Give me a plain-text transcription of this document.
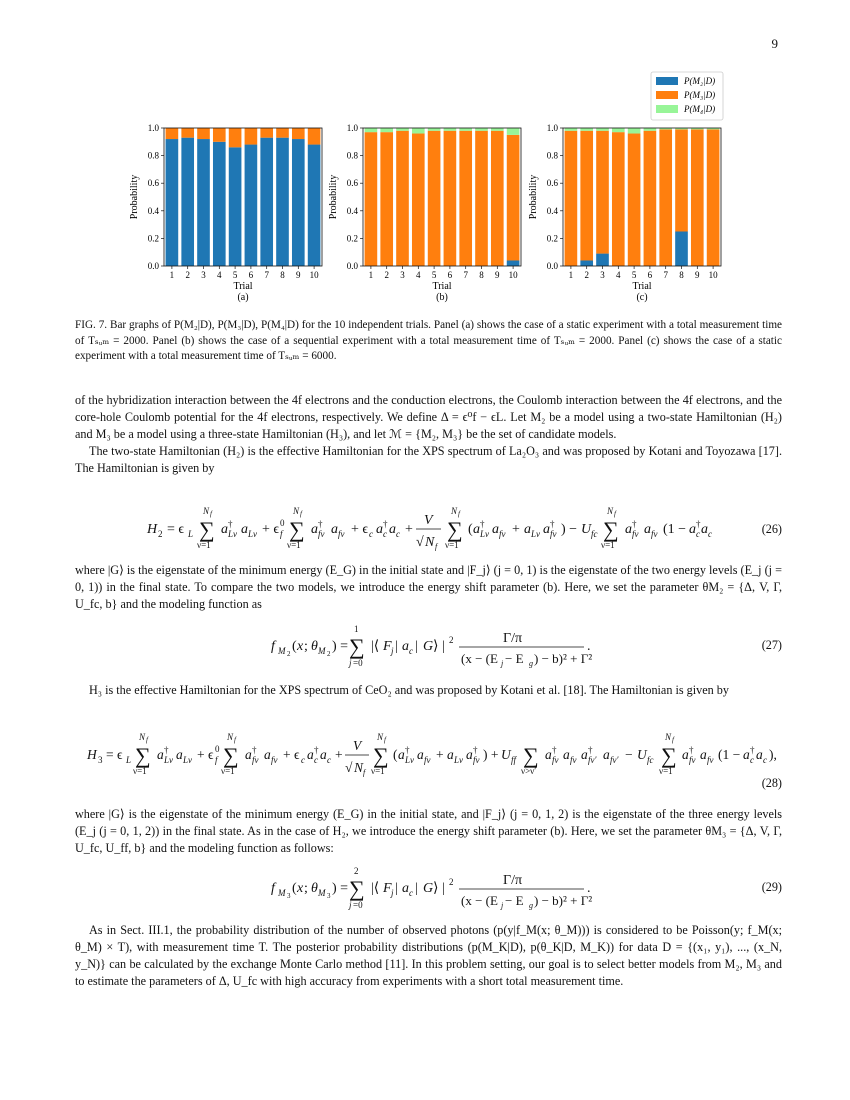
9
0.0
0.2
0.4
0.6
0.8
1.0
1 2 3 4 5 6 7 8 9 10
Probability
Trial
(a)
0.0
0.2
0.4
0.6
0.8
1.0
1 2 3 4 5 6 7 8 9 10
Probability
Trial
(b)
0.0
0.2
0.4
0.6
0.8
1.0
1 2 3 4 5 6 7 8 9 10
Probability
Trial
(c)
P(M₂|D)
P(M₃|D)
P(M₄|D)
FIG. 7. Bar graphs of P(M₂|D), P(M₃|D), P(M₄|D) for the 10 independent trials. Panel (a) shows the case of a static experiment with a total measurement time of Tₛᵤₘ = 2000. Panel (b) shows the case of a sequential experiment with a total measurement time of Tₛᵤₘ = 2000. Panel (c) shows the case of a static experiment with a total measurement time of Tₛᵤₘ = 6000.

of the hybridization interaction between the 4f electrons and the conduction electrons, the Coulomb interaction between the 4f electrons, and the core-hole Coulomb potential for the 4f electrons, respectively. We define Δ = ϵ⁰f − ϵL. Let M₂ be a model using a two-state Hamiltonian (H₂) and M₃ be a model using a three-state Hamiltonian (H₃), and let ℳ = {M₂, M₃} be the set of candidate models.

The two-state Hamiltonian (H₂) is the effective Hamiltonian for the XPS spectrum of La₂O₃ and was proposed by Kotani and Toyozawa [17]. The Hamiltonian is given by

H 2 = ϵ L ∑
N f
ν=1
a †
Lν a Lν + ϵ 0
f ∑
N f
ν=1
a †
fν a fν + ϵ c a †
c a c +
V
√ N f
∑
N f
ν=1
( a †
Lν a fν + a Lν a †
fν ) − U fc ∑
N f
ν=1
a †
fν a fν (1 − a †
c a c	(26)

where |G⟩ is the eigenstate of the minimum energy (E_G) in the initial state and |F_j⟩ (j = 0, 1) is the eigenstate of the two energy levels (E_j (j = 0, 1)) in the final state. To compare the two models, we introduce the energy shift parameter (b). Here, we set the parameter θM₂ = {Δ, V, Γ, U_fc, b} and the modeling function as

f M 2 ( x ; θ M 2 ) =
1
∑
j =0
|⟨ F j | a c | G ⟩ | 2	Γ/π
(x − (E j − E g ) − b)² + Γ²
.	(27)

H₃ is the effective Hamiltonian for the XPS spectrum of CeO₂ and was proposed by Kotani et al. [18]. The Hamiltonian is given by

H 3 = ϵ L ∑
N f
ν=1
a †
Lν a Lν + ϵ 0
f ∑
N f
ν=1
a †
fν a fν + ϵ c a †
c a c +
V
√ N f
∑
N f
ν=1
( a †
Lν a fν + a Lν a †
fν ) + U ff ∑
ν>ν′
a †
fν a fν a †
fν′ a fν′ − U fc ∑
N f
ν=1
a †
fν a fν (1 − a †
c a c ),
(28)

where |G⟩ is the eigenstate of the minimum energy (E_G) in the initial state, and |F_j⟩ (j = 0, 1, 2) is the eigenstate of the three energy levels (E_j (j = 0, 1, 2)) in the final state. As in the case of H₂, we introduce the energy shift parameter (b). Here, we set the parameter θM₃ = {Δ, V, Γ, U_fc, U_ff, b} and the modeling function as follows:

f M 3 ( x ; θ M 3 ) =
2
∑
j =0
|⟨ F j | a c | G ⟩ | 2	Γ/π
(x − (E j − E g ) − b)² + Γ²
.	(29)

As in Sect. III.1, the probability distribution of the number of observed photons (p(y|f_M(x; θ_M))) is considered to be Poisson(y; f_M(x; θ_M) × T), with measurement time T. The posterior probability distributions (p(M_K|D), p(θ_K|D, M_K)) for data D = {(x₁, y₁), ..., (x_N, y_N)} can be calculated by the exchange Monte Carlo method [11]. In this problem setting, our goal is to select better models from M₂, M₃ and to estimate the parameters of Δ, U_fc with high accuracy from experiments with a short total measurement time.
